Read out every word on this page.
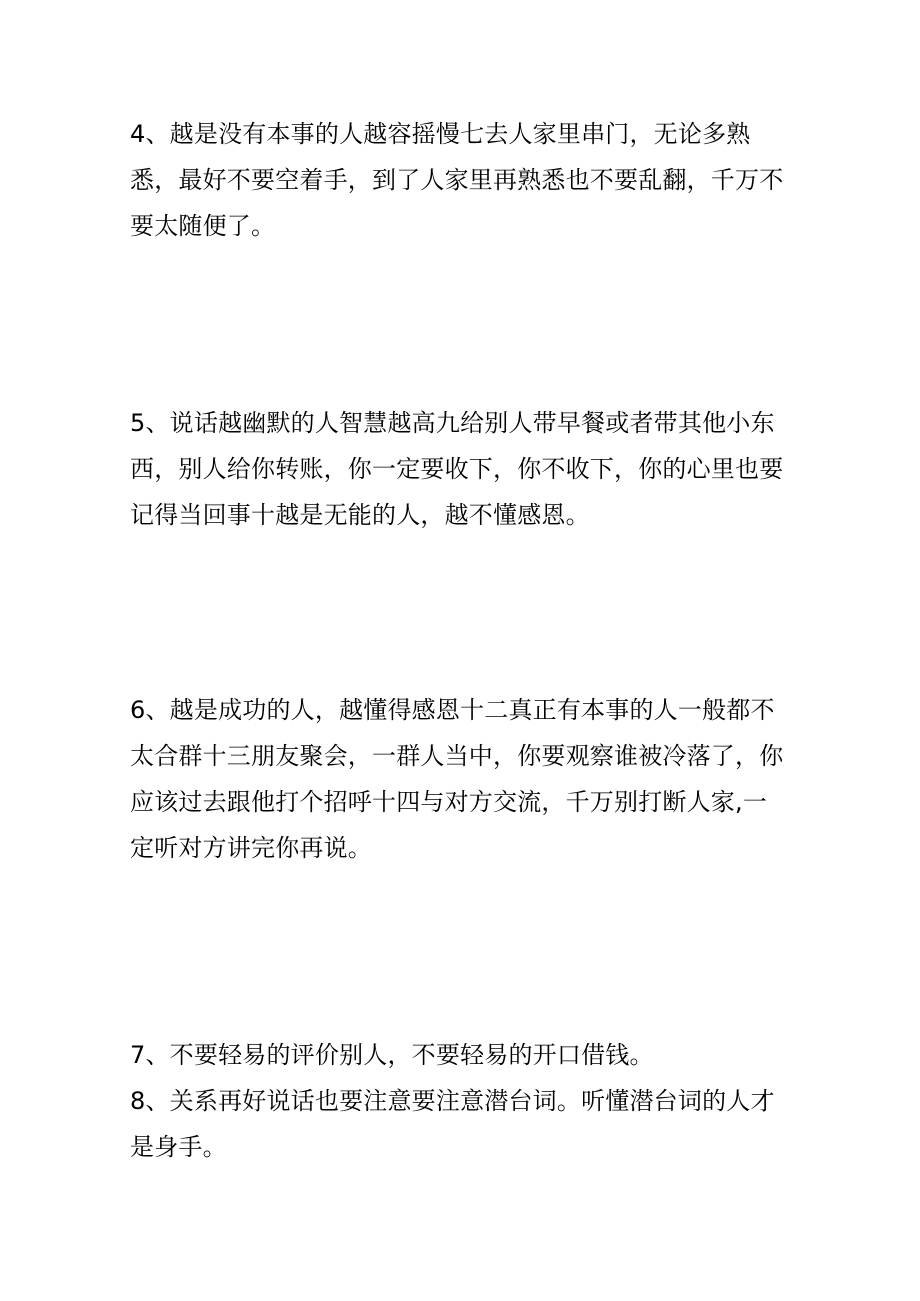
4、越是没有本事的人越容摇慢七去人家里串门，无论多熟悉，最好不要空着手，到了人家里再熟悉也不要乱翻，千万不要太随便了。

5、说话越幽默的人智慧越高九给别人带早餐或者带其他小东西，别人给你转账，你一定要收下，你不收下，你的心里也要记得当回事十越是无能的人，越不懂感恩。

6、越是成功的人，越懂得感恩十二真正有本事的人一般都不太合群十三朋友聚会，一群人当中，你要观察谁被冷落了，你应该过去跟他打个招呼十四与对方交流，千万别打断人家,一定听对方讲完你再说。

7、不要轻易的评价别人，不要轻易的开口借钱。

8、关系再好说话也要注意要注意潜台词。听懂潜台词的人才是身手。
